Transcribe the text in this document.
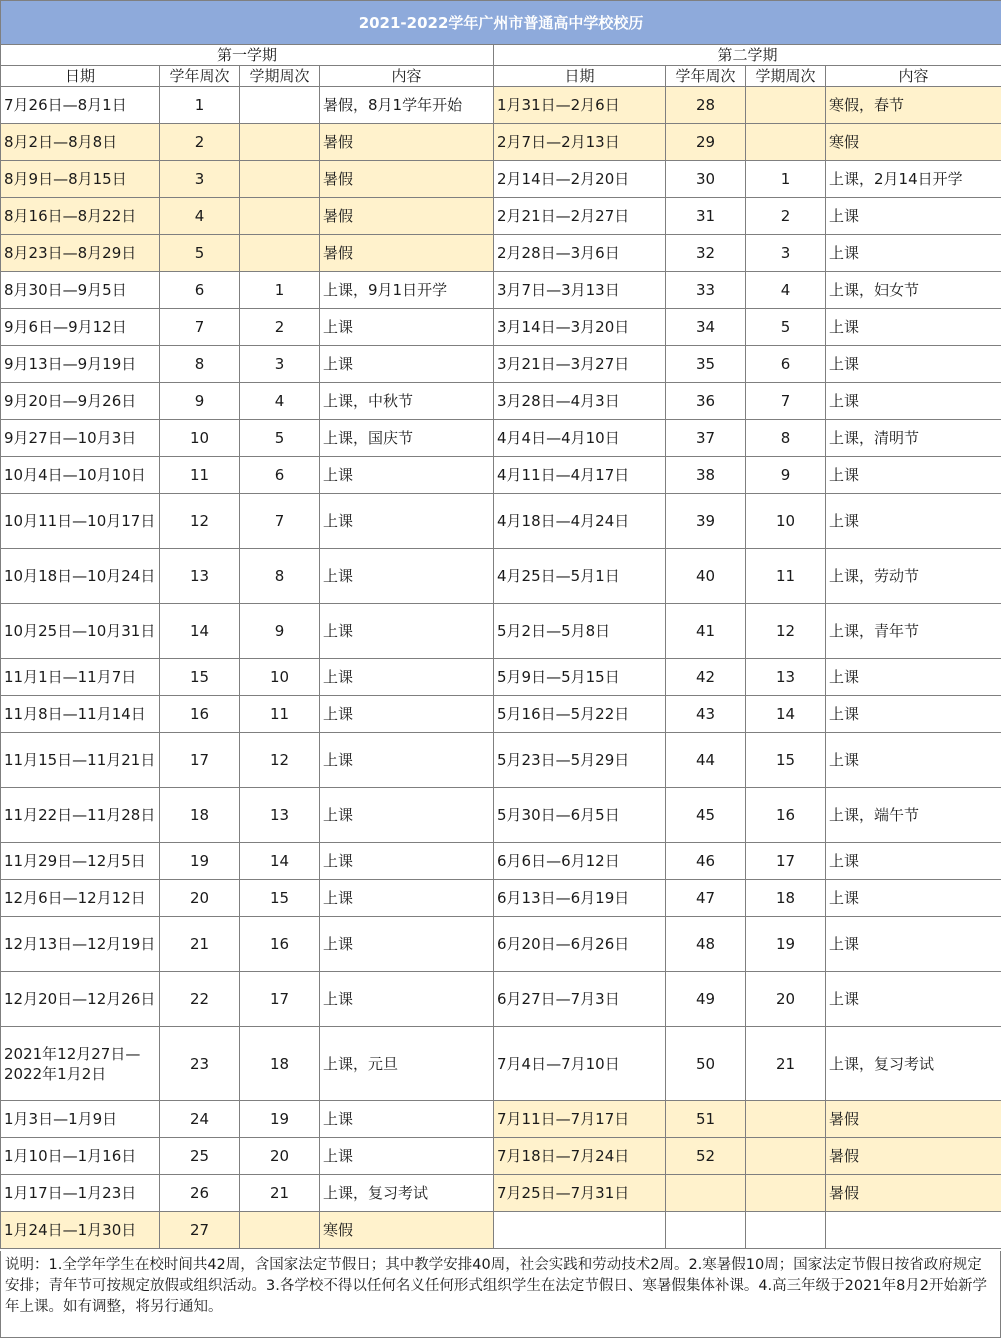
2021-2022学年广州市普通高中学校校历							
第一学期				第二学期			
日期	学年周次	学期周次	内容	日期	学年周次	学期周次	内容
7月26日—8月1日	1		暑假，8月1学年开始	1月31日—2月6日	28		寒假，春节
8月2日—8月8日	2		暑假	2月7日—2月13日	29		寒假
8月9日—8月15日	3		暑假	2月14日—2月20日	30	1	上课，2月14日开学
8月16日—8月22日	4		暑假	2月21日—2月27日	31	2	上课
8月23日—8月29日	5		暑假	2月28日—3月6日	32	3	上课
8月30日—9月5日	6	1	上课，9月1日开学	3月7日—3月13日	33	4	上课，妇女节
9月6日—9月12日	7	2	上课	3月14日—3月20日	34	5	上课
9月13日—9月19日	8	3	上课	3月21日—3月27日	35	6	上课
9月20日—9月26日	9	4	上课，中秋节	3月28日—4月3日	36	7	上课
9月27日—10月3日	10	5	上课，国庆节	4月4日—4月10日	37	8	上课，清明节
10月4日—10月10日	11	6	上课	4月11日—4月17日	38	9	上课
10月11日—10月17日	12	7	上课	4月18日—4月24日	39	10	上课
10月18日—10月24日	13	8	上课	4月25日—5月1日	40	11	上课，劳动节
10月25日—10月31日	14	9	上课	5月2日—5月8日	41	12	上课，青年节
11月1日—11月7日	15	10	上课	5月9日—5月15日	42	13	上课
11月8日—11月14日	16	11	上课	5月16日—5月22日	43	14	上课
11月15日—11月21日	17	12	上课	5月23日—5月29日	44	15	上课
11月22日—11月28日	18	13	上课	5月30日—6月5日	45	16	上课，端午节
11月29日—12月5日	19	14	上课	6月6日—6月12日	46	17	上课
12月6日—12月12日	20	15	上课	6月13日—6月19日	47	18	上课
12月13日—12月19日	21	16	上课	6月20日—6月26日	48	19	上课
12月20日—12月26日	22	17	上课	6月27日—7月3日	49	20	上课
2021年12月27日—2022年1月2日	23	18	上课，元旦	7月4日—7月10日	50	21	上课，复习考试
1月3日—1月9日	24	19	上课	7月11日—7月17日	51		暑假
1月10日—1月16日	25	20	上课	7月18日—7月24日	52		暑假
1月17日—1月23日	26	21	上课，复习考试	7月25日—7月31日			暑假
1月24日—1月30日	27		寒假				
说明：1.全学年学生在校时间共42周，含国家法定节假日；其中教学安排40周，社会实践和劳动技术2周。2.寒暑假10周；国家法定节假日按省政府规定安排；青年节可按规定放假或组织活动。3.各学校不得以任何名义任何形式组织学生在法定节假日、寒暑假集体补课。4.高三年级于2021年8月2开始新学年上课。如有调整，将另行通知。
